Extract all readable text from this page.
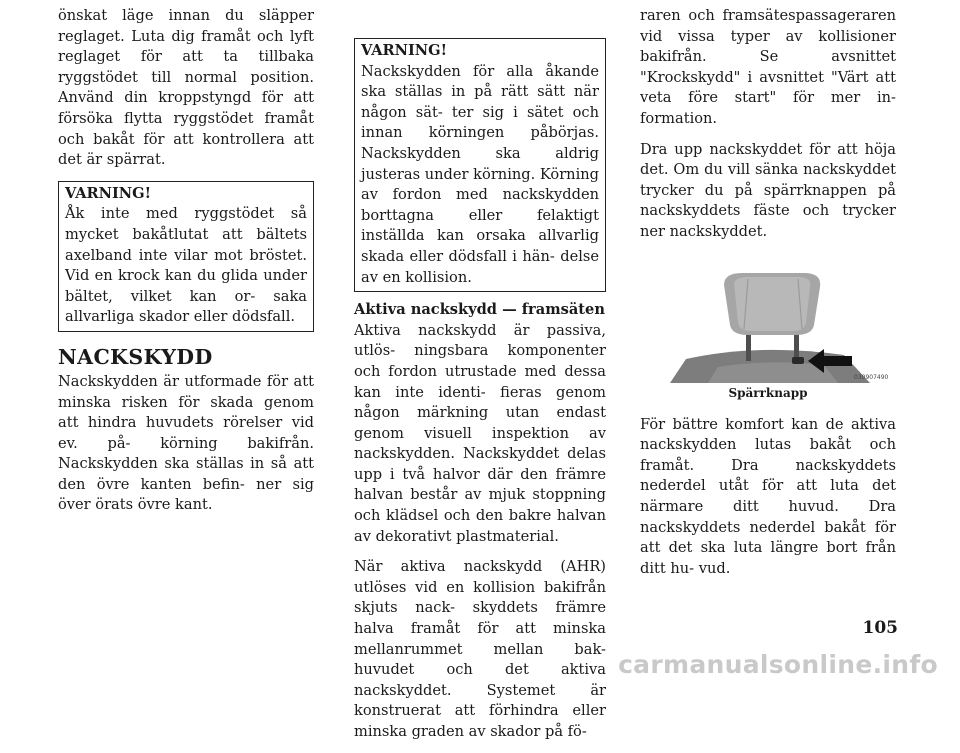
önskat läge innan du släpper reglaget. Luta dig framåt och lyft reglaget för att ta tillbaka ryggstödet till normal position. Använd din kroppstyngd för att försöka flytta ryggstödet framåt och bakåt för att kontrollera att det är spärrat.

VARNING!
Åk inte med ryggstödet så mycket bakåtlutat att bältets axelband inte vilar mot bröstet. Vid en krock kan du glida under bältet, vilket kan or- saka allvarliga skador eller dödsfall.
NACKSKYDD

Nackskydden är utformade för att minska risken för skada genom att hindra huvudets rörelser vid ev. på- körning bakifrån. Nackskydden ska ställas in så att den övre kanten befin- ner sig över örats övre kant.

VARNING!
Nackskydden för alla åkande ska ställas in på rätt sätt när någon sät- ter sig i sätet och innan körningen påbörjas. Nackskydden ska aldrig justeras under körning. Körning av fordon med nackskydden borttagna eller felaktigt inställda kan orsaka allvarlig skada eller dödsfall i hän- delse av en kollision.
Aktiva nackskydd — framsäten

Aktiva nackskydd är passiva, utlös- ningsbara komponenter och fordon utrustade med dessa kan inte identi- fieras genom någon märkning utan endast genom visuell inspektion av nackskydden. Nackskyddet delas upp i två halvor där den främre halvan består av mjuk stoppning och klädsel och den bakre halvan av dekorativt plastmaterial.

När aktiva nackskydd (AHR) utlöses vid en kollision bakifrån skjuts nack- skyddets främre halva framåt för att minska mellanrummet mellan bak- huvudet och det aktiva nackskyddet. Systemet är konstruerat att förhindra eller minska graden av skador på fö-

raren och framsätespassageraren vid vissa typer av kollisioner bakifrån. Se avsnittet "Krockskydd" i avsnittet "Värt att veta före start" för mer in- formation.

Dra upp nackskyddet för att höja det. Om du vill sänka nackskyddet trycker du på spärrknappen på nackskyddets fäste och trycker ner nackskyddet.

030907490
Spärrknapp

För bättre komfort kan de aktiva nackskydden lutas bakåt och framåt. Dra nackskyddets nederdel utåt för att luta det närmare ditt huvud. Dra nackskyddets nederdel bakåt för att det ska luta längre bort från ditt hu- vud.

105
carmanualsonline.info
